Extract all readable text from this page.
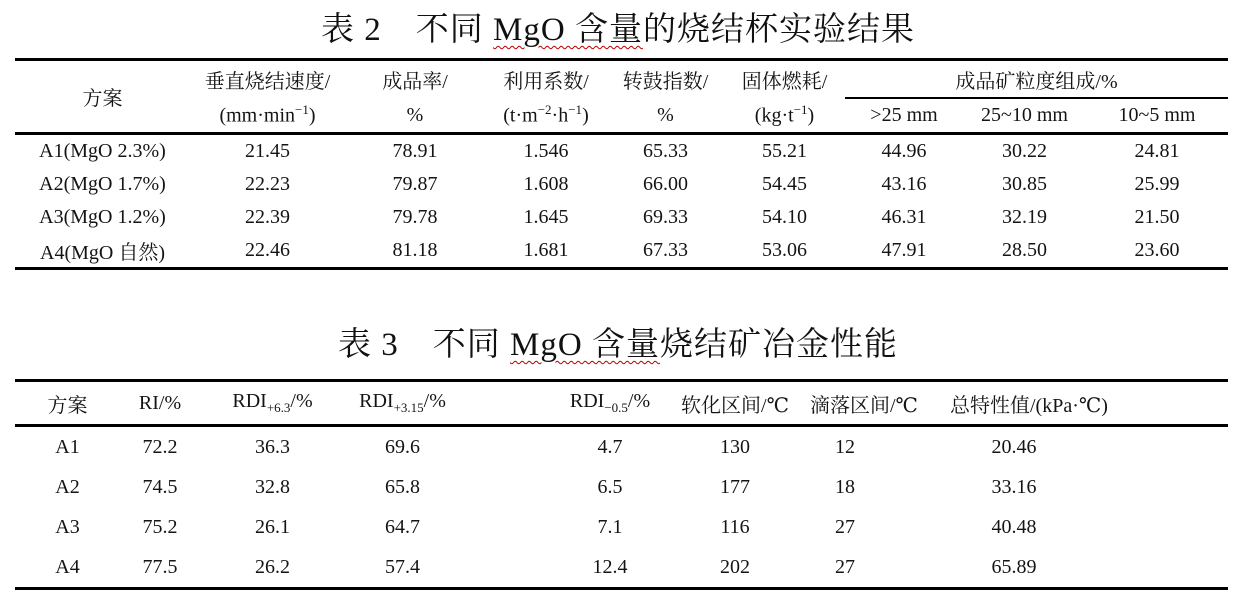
表 2　不同 MgO 含量的烧结杯实验结果
方案	垂直烧结速度/	成品率/	利用系数/	转鼓指数/	固体燃耗/	成品矿粒度组成/%		
	$(mm\cdot\min^{-1})$	%	$(t\cdot m^{-2}\cdot h^{-1})$	%	$(kg\cdot t^{-1})$	>25 mm	25~10 mm	10~5 mm
A1(MgO 2.3%)	21.45	78.91	1.546	65.33	55.21	44.96	30.22	24.81
A2(MgO 1.7%)	22.23	79.87	1.608	66.00	54.45	43.16	30.85	25.99
A3(MgO 1.2%)	22.39	79.78	1.645	69.33	54.10	46.31	32.19	21.50
A4(MgO 自然)	22.46	81.18	1.681	67.33	53.06	47.91	28.50	23.60
表 3　不同 MgO 含量烧结矿冶金性能
方案	RI/%	$RDI_{+6.3}/\%$	$RDI_{+3.15}/\%$	$RDI_{-0.5}/\%$	软化区间/℃	滴落区间/℃	总特性值/(kPa·℃)
A1	72.2	36.3	69.6	4.7	130	12	20.46
A2	74.5	32.8	65.8	6.5	177	18	33.16
A3	75.2	26.1	64.7	7.1	116	27	40.48
A4	77.5	26.2	57.4	12.4	202	27	65.89
